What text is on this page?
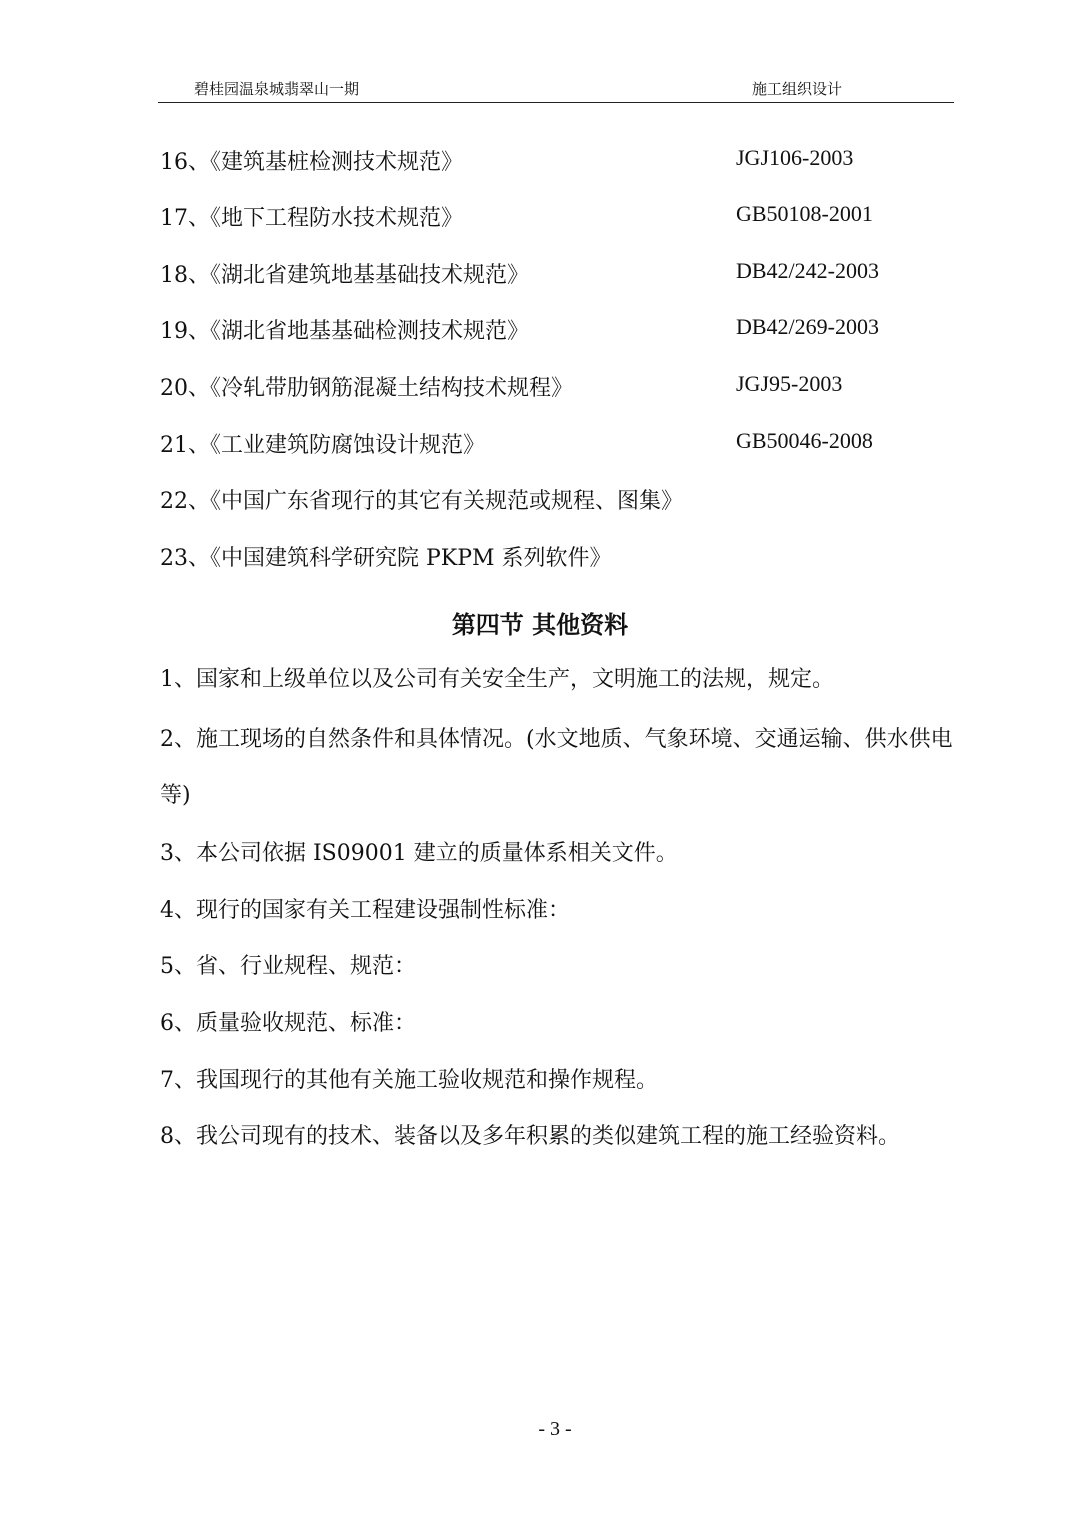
碧桂园温泉城翡翠山一期	施工组织设计
16、《建筑基桩检测技术规范》	JGJ106-2003
17、《地下工程防水技术规范》	GB50108-2001
18、《湖北省建筑地基基础技术规范》	DB42/242-2003
19、《湖北省地基基础检测技术规范》	DB42/269-2003
20、《冷轧带肋钢筋混凝土结构技术规程》	JGJ95-2003
21、《工业建筑防腐蚀设计规范》	GB50046-2008
22、《中国广东省现行的其它有关规范或规程、图集》
23、《中国建筑科学研究院 PKPM 系列软件》
第四节 其他资料
1、国家和上级单位以及公司有关安全生产，文明施工的法规，规定。
2、施工现场的自然条件和具体情况。(水文地质、气象环境、交通运输、供水供电等)
3、本公司依据 IS09001 建立的质量体系相关文件。
4、现行的国家有关工程建设强制性标准：
5、省、行业规程、规范：
6、质量验收规范、标准：
7、我国现行的其他有关施工验收规范和操作规程。
8、我公司现有的技术、装备以及多年积累的类似建筑工程的施工经验资料。
- 3 -
